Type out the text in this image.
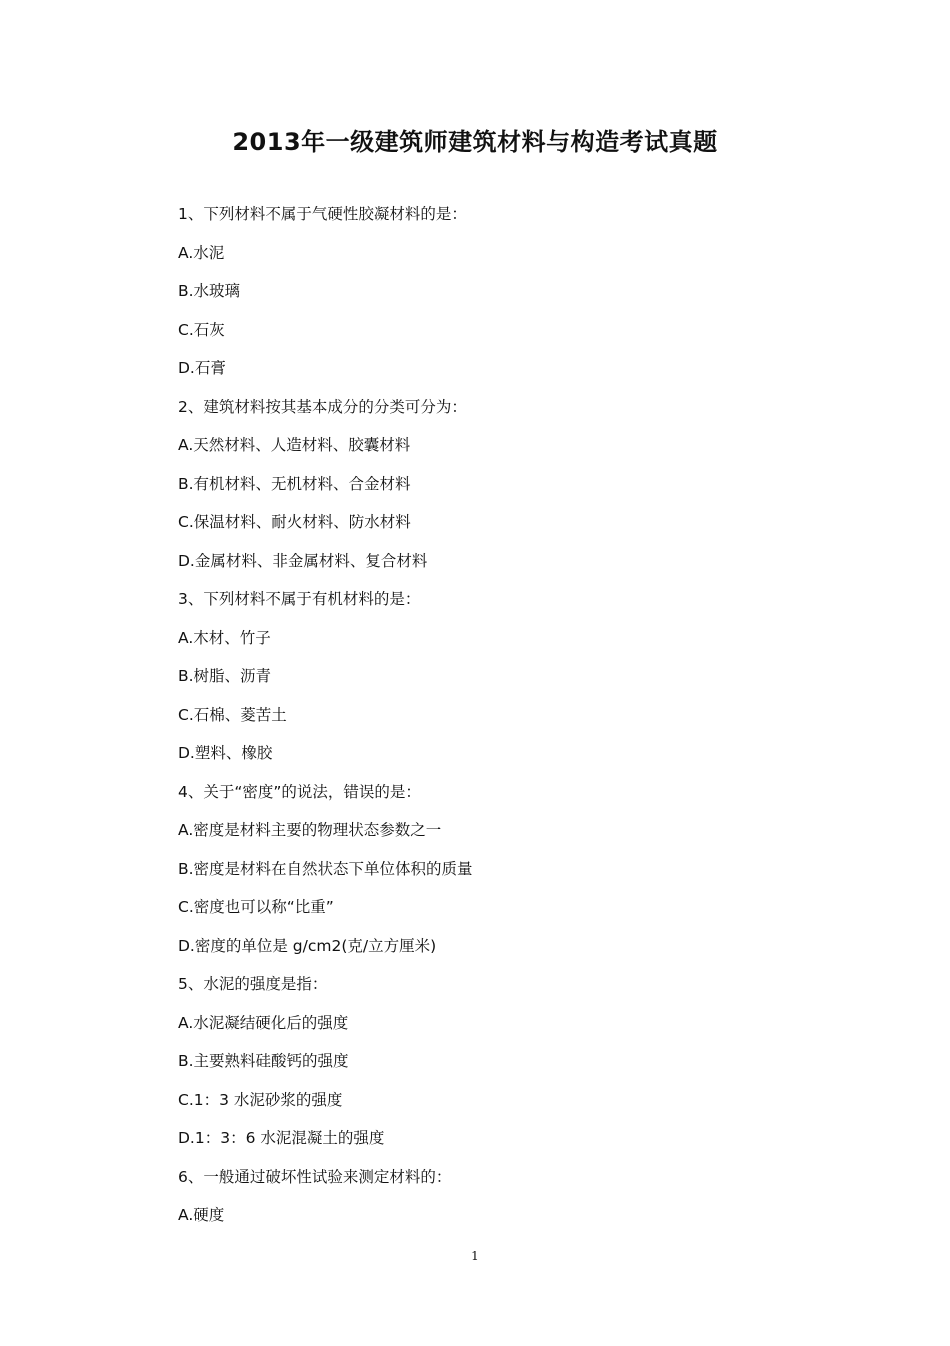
2013年一级建筑师建筑材料与构造考试真题
1、下列材料不属于气硬性胶凝材料的是：
A.水泥
B.水玻璃
C.石灰
D.石膏
2、建筑材料按其基本成分的分类可分为：
A.天然材料、人造材料、胶囊材料
B.有机材料、无机材料、合金材料
C.保温材料、耐火材料、防水材料
D.金属材料、非金属材料、复合材料
3、下列材料不属于有机材料的是：
A.木材、竹子
B.树脂、沥青
C.石棉、菱苦土
D.塑料、橡胶
4、关于“密度”的说法，错误的是：
A.密度是材料主要的物理状态参数之一
B.密度是材料在自然状态下单位体积的质量
C.密度也可以称“比重”
D.密度的单位是 g/cm2(克/立方厘米)
5、水泥的强度是指：
A.水泥凝结硬化后的强度
B.主要熟料硅酸钙的强度
C.1：3 水泥砂浆的强度
D.1：3：6 水泥混凝土的强度
6、一般通过破坏性试验来测定材料的：
A.硬度
1
